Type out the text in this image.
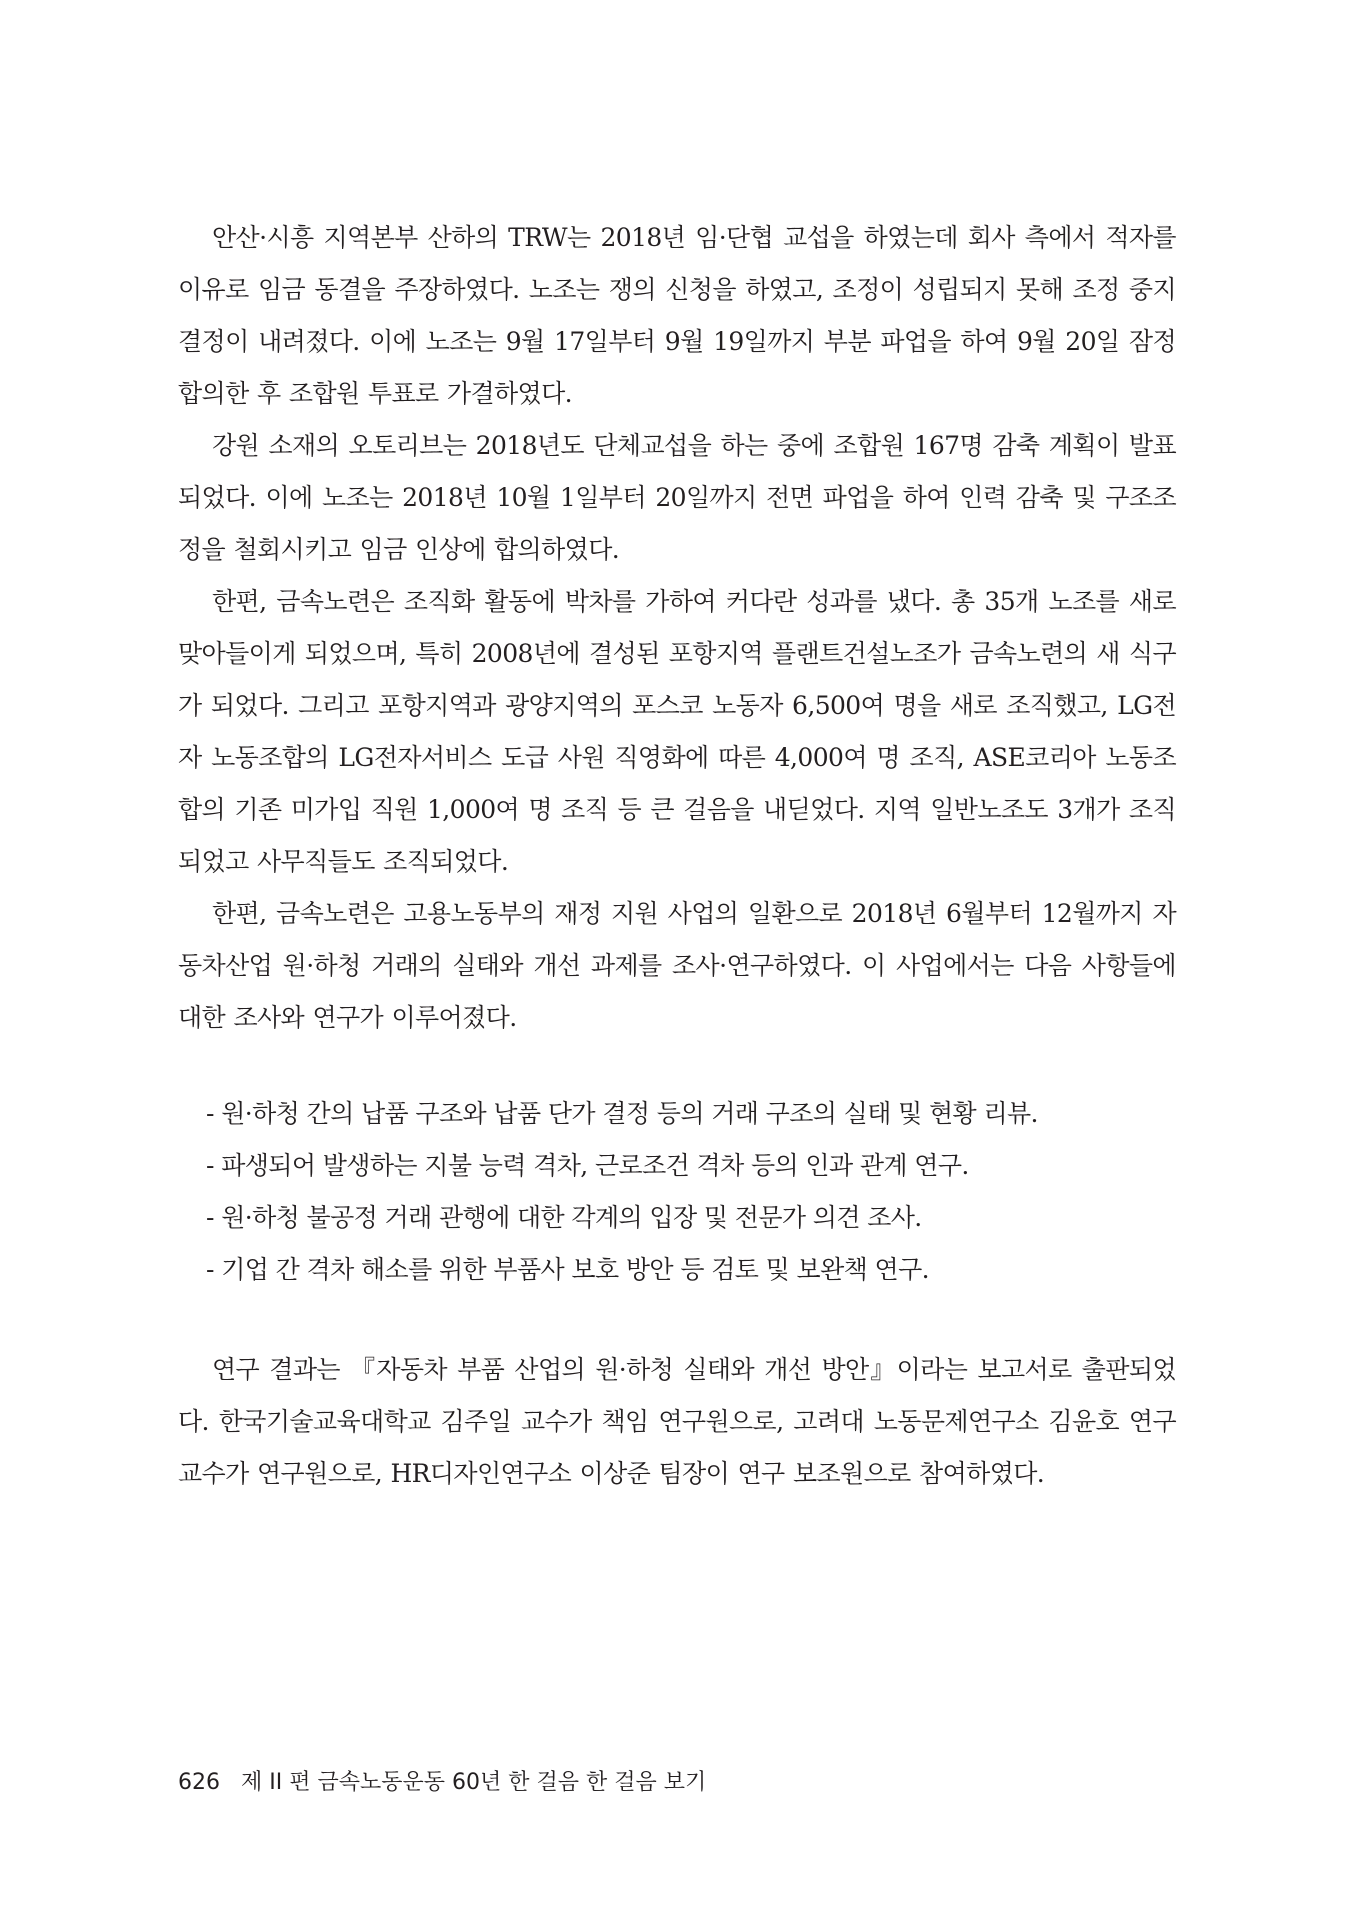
안산·시흥 지역본부 산하의 TRW는 2018년 임·단협 교섭을 하였는데 회사 측에서 적자를 이유로 임금 동결을 주장하였다. 노조는 쟁의 신청을 하였고, 조정이 성립되지 못해 조정 중지 결정이 내려졌다. 이에 노조는 9월 17일부터 9월 19일까지 부분 파업을 하여 9월 20일 잠정 합의한 후 조합원 투표로 가결하였다.

강원 소재의 오토리브는 2018년도 단체교섭을 하는 중에 조합원 167명 감축 계획이 발표되었다. 이에 노조는 2018년 10월 1일부터 20일까지 전면 파업을 하여 인력 감축 및 구조조정을 철회시키고 임금 인상에 합의하였다.

한편, 금속노련은 조직화 활동에 박차를 가하여 커다란 성과를 냈다. 총 35개 노조를 새로 맞아들이게 되었으며, 특히 2008년에 결성된 포항지역 플랜트건설노조가 금속노련의 새 식구가 되었다. 그리고 포항지역과 광양지역의 포스코 노동자 6,500여 명을 새로 조직했고, LG전자 노동조합의 LG전자서비스 도급 사원 직영화에 따른 4,000여 명 조직, ASE코리아 노동조합의 기존 미가입 직원 1,000여 명 조직 등 큰 걸음을 내딛었다. 지역 일반노조도 3개가 조직되었고 사무직들도 조직되었다.

한편, 금속노련은 고용노동부의 재정 지원 사업의 일환으로 2018년 6월부터 12월까지 자동차산업 원·하청 거래의 실태와 개선 과제를 조사·연구하였다. 이 사업에서는 다음 사항들에 대한 조사와 연구가 이루어졌다.

- 원·하청 간의 납품 구조와 납품 단가 결정 등의 거래 구조의 실태 및 현황 리뷰.
- 파생되어 발생하는 지불 능력 격차, 근로조건 격차 등의 인과 관계 연구.
- 원·하청 불공정 거래 관행에 대한 각계의 입장 및 전문가 의견 조사.
- 기업 간 격차 해소를 위한 부품사 보호 방안 등 검토 및 보완책 연구.

연구 결과는 『자동차 부품 산업의 원·하청 실태와 개선 방안』이라는 보고서로 출판되었다. 한국기술교육대학교 김주일 교수가 책임 연구원으로, 고려대 노동문제연구소 김윤호 연구 교수가 연구원으로, HR디자인연구소 이상준 팀장이 연구 보조원으로 참여하였다.

626 제 II 편 금속노동운동 60년 한 걸음 한 걸음 보기
